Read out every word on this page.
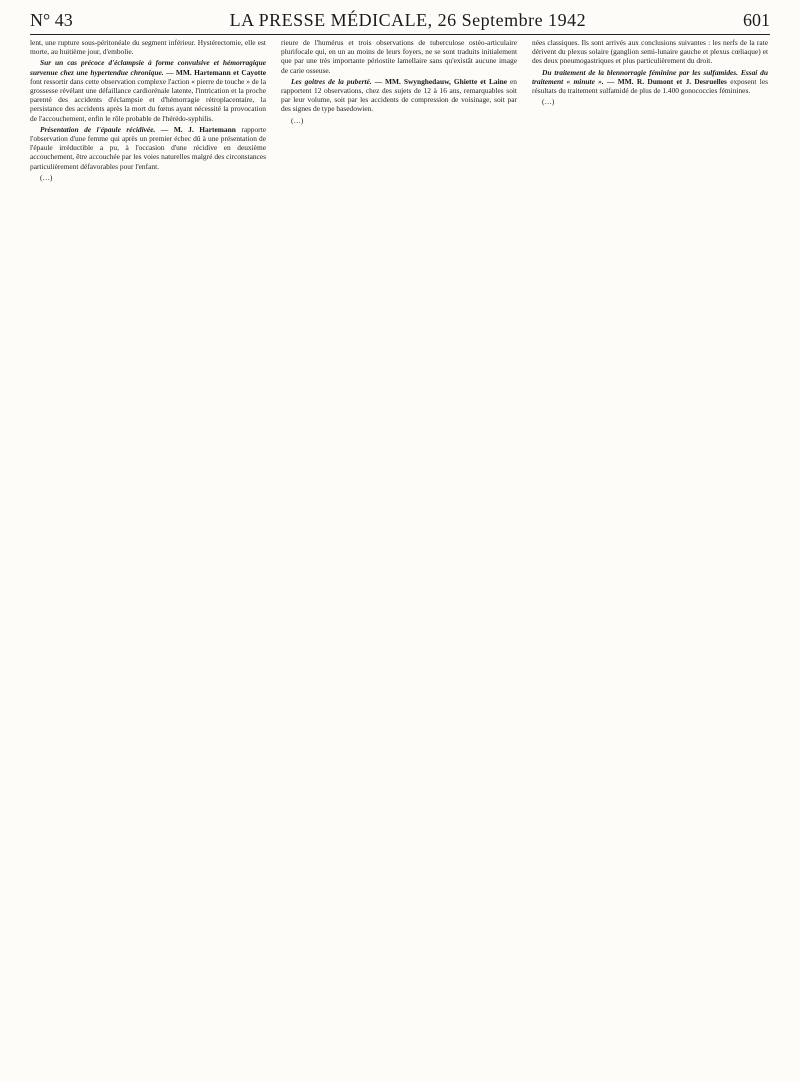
N° 43	LA PRESSE MÉDICALE, 26 Septembre 1942	601

lent, une rupture sous-péritonéale du segment inférieur. Hystérectomie, elle est morte, au huitième jour, d'embolie.

Sur un cas précoce d'éclampsie à forme convulsive et hémorragique survenue chez une hypertendue chronique. — MM. Hartemann et Cayotte font ressortir dans cette observation complexe l'action « pierre de touche » de la grossesse révélant une défaillance cardiorénale latente, l'intrication et la proche parenté des accidents d'éclampsie et d'hémorragie rétroplacentaire, la persistance des accidents après la mort du fœtus ayant nécessité la provocation de l'accouchement, enfin le rôle probable de l'hérédo-syphilis.

Présentation de l'épaule récidivée. — M. J. Hartemann rapporte l'observation d'une femme qui après un premier échec dû à une présentation de l'épaule irréductible a pu, à l'occasion d'une récidive en deuxième accouchement, être accouchée par les voies naturelles malgré des circonstances particulièrement défavorables pour l'enfant.

(…)

rieure de l'humérus et trois observations de tuberculose ostéo-articulaire plurifocale qui, en un au moins de leurs foyers, ne se sont traduits initialement que par une très importante périostite lamellaire sans qu'existât aucune image de carie osseuse.

Les goitres de la puberté. — MM. Swynghedauw, Ghiette et Laine en rapportent 12 observations, chez des sujets de 12 à 16 ans, remarquables soit par leur volume, soit par les accidents de compression de voisinage, soit par des signes de type basedowien.

(…)

nées classiques. Ils sont arrivés aux conclusions suivantes : les nerfs de la rate dérivent du plexus solaire (ganglion semi-lunaire gauche et plexus cœliaque) et des deux pneumogastriques et plus particulièrement du droit.

Du traitement de la blennorragie féminine par les sulfamides. Essai du traitement « minute ». — MM. R. Dumont et J. Desruelles exposent les résultats du traitement sulfamidé de plus de 1.400 gonococcies féminines.

(…)
